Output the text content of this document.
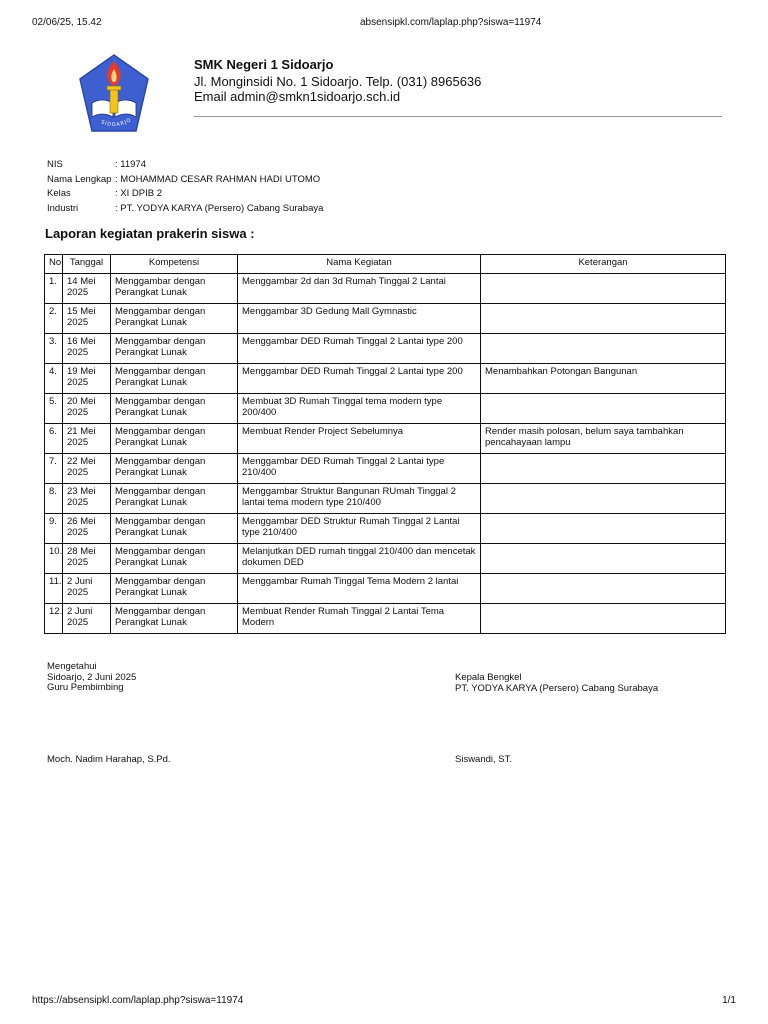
02/06/25, 15.42	absensipkl.com/laplap.php?siswa=11974
SIDOARJO
SMK Negeri 1 Sidoarjo
Jl. Monginsidi No. 1 Sidoarjo. Telp. (031) 8965636
Email admin@smkn1sidoarjo.sch.id
NIS	: 11974
Nama Lengkap : MOHAMMAD CESAR RAHMAN HADI UTOMO
Kelas	: XI DPIB 2
Industri	: PT. YODYA KARYA (Persero) Cabang Surabaya
Laporan kegiatan prakerin siswa :
No.	Tanggal	Kompetensi	Nama Kegiatan	Keterangan
1.	14 Mei 2025	Menggambar dengan Perangkat Lunak	Menggambar 2d dan 3d Rumah Tinggal 2 Lantai	
2.	15 Mei 2025	Menggambar dengan Perangkat Lunak	Menggambar 3D Gedung Mall Gymnastic	
3.	16 Mei 2025	Menggambar dengan Perangkat Lunak	Menggambar DED Rumah Tinggal 2 Lantai type 200	
4.	19 Mei 2025	Menggambar dengan Perangkat Lunak	Menggambar DED Rumah Tinggal 2 Lantai type 200	Menambahkan Potongan Bangunan
5.	20 Mei 2025	Menggambar dengan Perangkat Lunak	Membuat 3D Rumah Tinggal tema modern type 200/400	
6.	21 Mei 2025	Menggambar dengan Perangkat Lunak	Membuat Render Project Sebelumnya	Render masih polosan, belum saya tambahkan pencahayaan lampu
7.	22 Mei 2025	Menggambar dengan Perangkat Lunak	Menggambar DED Rumah Tinggal 2 Lantai type 210/400	
8.	23 Mei 2025	Menggambar dengan Perangkat Lunak	Menggambar Struktur Bangunan RUmah Tinggal 2 lantai tema modern type 210/400	
9.	26 Mei 2025	Menggambar dengan Perangkat Lunak	Menggambar DED Struktur Rumah Tinggal 2 Lantai type 210/400	
10.	28 Mei 2025	Menggambar dengan Perangkat Lunak	Melanjutkan DED rumah tinggal 210/400 dan mencetak dokumen DED	
11.	2 Juni 2025	Menggambar dengan Perangkat Lunak	Menggambar Rumah Tinggal Tema Modern 2 lantai	
12.	2 Juni 2025	Menggambar dengan Perangkat Lunak	Membuat Render Rumah Tinggal 2 Lantai Tema Modern	
Mengetahui
Sidoarjo, 2 Juni 2025
Guru Pembimbing
Kepala Bengkel
PT. YODYA KARYA (Persero) Cabang Surabaya
Moch. Nadim Harahap, S.Pd.	Siswandi, ST.
https://absensipkl.com/laplap.php?siswa=11974	1/1
